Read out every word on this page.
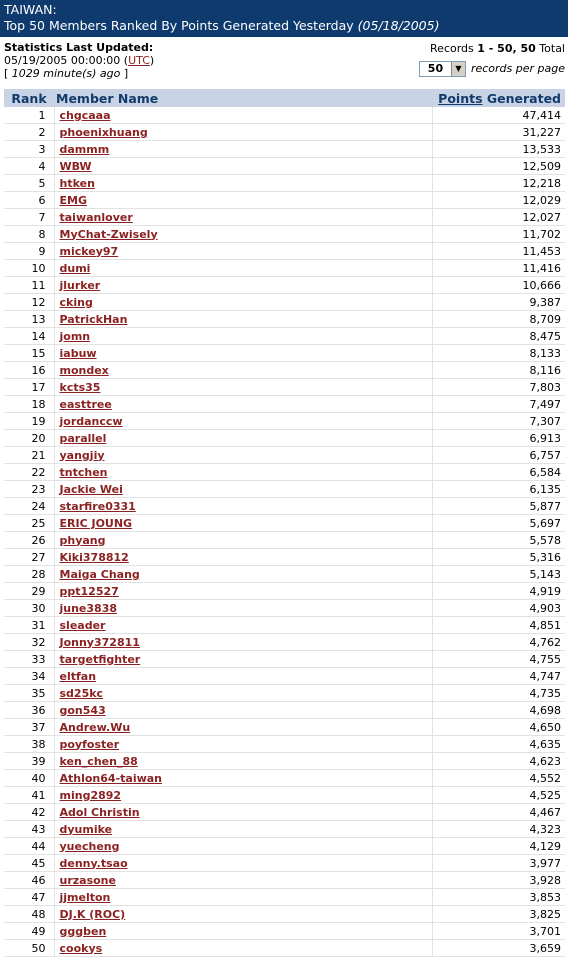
TAIWAN:
Top 50 Members Ranked By Points Generated Yesterday (05/18/2005)
Statistics Last Updated:
05/19/2005 00:00:00 (UTC)
[ 1029 minute(s) ago ]
Records 1 - 50, 50 Total
50	▼ records per page
Rank	Member Name	Points Generated
1	chgcaaa	47,414
2	phoenixhuang	31,227
3	dammm	13,533
4	WBW	12,509
5	htken	12,218
6	EMG	12,029
7	taiwanlover	12,027
8	MyChat-Zwisely	11,702
9	mickey97	11,453
10	dumi	11,416
11	jlurker	10,666
12	cking	9,387
13	PatrickHan	8,709
14	jomn	8,475
15	iabuw	8,133
16	mondex	8,116
17	kcts35	7,803
18	easttree	7,497
19	jordanccw	7,307
20	parallel	6,913
21	yangjiy	6,757
22	tntchen	6,584
23	Jackie Wei	6,135
24	starfire0331	5,877
25	ERIC JOUNG	5,697
26	phyang	5,578
27	Kiki378812	5,316
28	Maiga Chang	5,143
29	ppt12527	4,919
30	june3838	4,903
31	sleader	4,851
32	Jonny372811	4,762
33	targetfighter	4,755
34	eltfan	4,747
35	sd25kc	4,735
36	gon543	4,698
37	Andrew.Wu	4,650
38	poyfoster	4,635
39	ken_chen_88	4,623
40	Athlon64-taiwan	4,552
41	ming2892	4,525
42	Adol Christin	4,467
43	dyumike	4,323
44	yuecheng	4,129
45	denny.tsao	3,977
46	urzasone	3,928
47	jjmelton	3,853
48	DJ.K (ROC)	3,825
49	gggben	3,701
50	cookys	3,659
